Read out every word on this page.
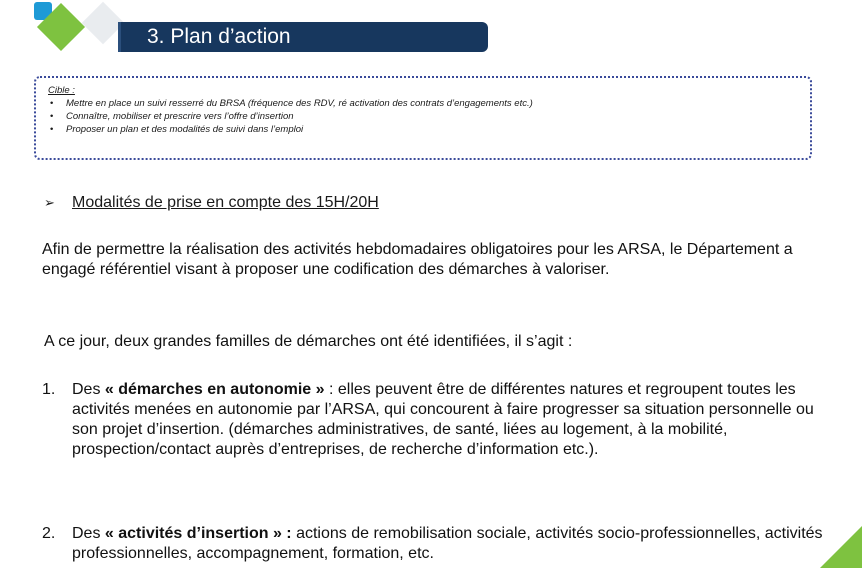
3. Plan d’action
Cible :
• Mettre en place un suivi resserré du BRSA (fréquence des RDV, ré activation des contrats d’engagements etc.)
• Connaître, mobiliser et prescrire vers l’offre d’insertion
• Proposer un plan et des modalités de suivi dans l’emploi
➢ Modalités de prise en compte des 15H/20H
Afin de permettre la réalisation des activités hebdomadaires obligatoires pour les ARSA, le Département a engagé référentiel visant à proposer une codification des démarches à valoriser.
A ce jour, deux grandes familles de démarches ont été identifiées, il s’agit :
1.	Des « démarches en autonomie » : elles peuvent être de différentes natures et regroupent toutes les activités menées en autonomie par l’ARSA, qui concourent à faire progresser sa situation personnelle ou son projet d’insertion. (démarches administratives, de santé, liées au logement, à la mobilité, prospection/contact auprès d’entreprises, de recherche d’information etc.).
2.	Des « activités d’insertion » : actions de remobilisation sociale, activités socio-professionnelles, activités professionnelles, accompagnement, formation, etc.
